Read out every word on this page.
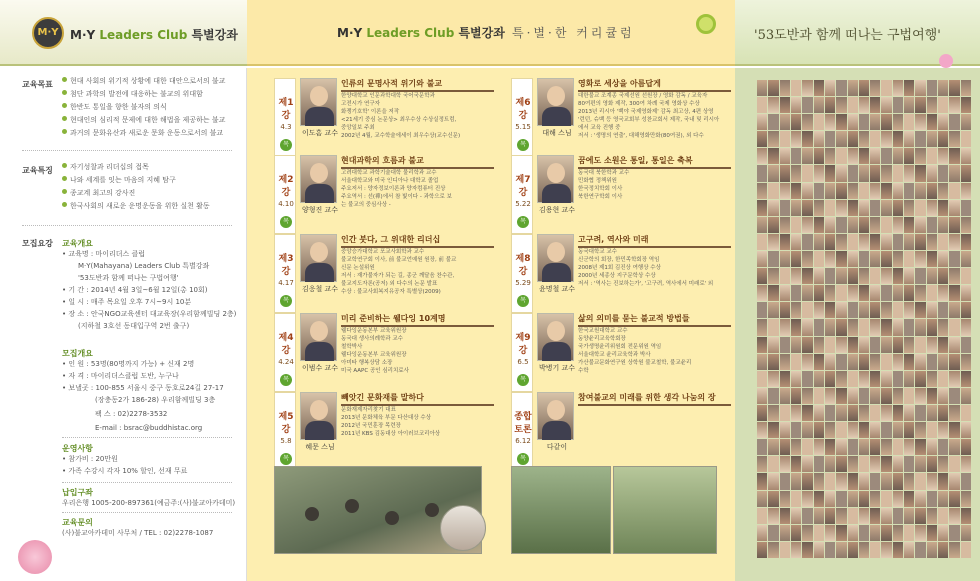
M·Y M·Y Leaders Club 특별강좌	M·Y Leaders Club 특별강좌 특·별·한 커리큘럼	'53도반과 함께 떠나는 구법여행'
교육목표	현대 사회의 위기적 상황에 대한 대안으로서의 불교
첨단 과학의 발전에 대응하는 불교의 위대함
한반도 통일을 향한 불자의 의식
현대인의 심리적 문제에 대한 해법을 제공하는 불교
과거의 문화유산과 새로운 문화 운동으로서의 불교
교육특징	자기성찰과 리더십의 접목
나와 세계를 잇는 마음의 지혜 탐구
종교계 최고의 강사진
한국사회의 새로운 운명운동을 위한 실천 활동
모집요강 교육개요
• 교육명 : 마이리더스 클럽
M·Y(Mahayana) Leaders Club 특별강좌
'53도반과 함께 떠나는 구법여행'
• 기 간 : 2014년 4월 3일~6월 12일(총 10회)
• 일 시 : 매주 목요일 오후 7시~9시 10분
• 장 소 : 안국NGO교육센터 대교육장(우리함께빌딩 2층)
(지하철 3호선 동대입구역 2번 출구)
모집개요
• 인 원 : 53명(80명까지 가능) + 신재 2명
• 자 격 : 마이리더스클럽 도반, 누구나
• 보낼곳 : 100-855 서울시 중구 동호로24길 27-17
(장충동2가 186-28) 우리함께빌딩 3층
팩 스 : 02)2278-3532
E-mail : bsrac@buddhistac.org
운영사항
• 참가비 : 20만원
• 가족 수강시 각자 10% 할인, 선재 무료
납입구좌
우리은행 1005-200-897361(예금주:(사)불교아카데미)
교육문의
(사)불교아카데미 사무처 / TEL : 02)2278-1087
제1강
4.3
목
이도흠 교수
인류의 문명사적 위기와 불교
한양대학교 인문과학대학 국어국문학과
고전시가 연구자
화쟁기호학' 이론을 저작
<21세기 중심 논문상> 최우수상 수상실정트럼,
중앙일보 주최
2002년 4월, 교수학술에세이 최우수상(교수신문)
제2강
4.10
목
양형진 교수
현대과학의 흐름과 불교
고려대학교 과학기술대학 물리학과 교수
서울대학교와 미국 인디아나 대학교 졸업
주요저서 : 양자정보이론과 양자컴퓨터 진상
주요역서 : 선(禪)에서 참 빛이다 - 과학으로 보
는 불교의 중심사상 -
제3강
4.17
목
김응철 교수
인간 붓다, 그 위대한 리더십
중앙승가대학교 포교사회학과 교수
불교학연구회 이사, 前 불교언예원 원장, 前 불교
신문 논설위원
저서 : 재가불자가 되는 길, 종군 깨달음 찬수관,
불교지도자론(공저) 외 다수의 논문 발표
수상 : 불교사회복지유공자 특별상(2009)
제4강
4.24
목
이범수 교수
미리 준비하는 웰다잉 10계명
웰다잉운동본부 교육위원장
동국대 생사의례학과 교수
철학박사
웰다잉운동본부 교육위원장
아미타 행복상담 소장
미국 AAPC 공인 심리치료사
제5강
5.8
목
혜문 스님
빼앗긴 문화재를 말하다
문화재제자리찾기 대표
2013년 문화체육 부문 다산대상 수상
2012년 국민훈장 목련장
2011년 KBS 김동대상 아이러브코리아상
제6강
5.15
목
대해 스님
영화로 세상을 아름답게
대한불교 조계종 국제선원 선원장 / 영화 감독 / 교육자
80여편의 영화 제작, 300여 차례 국제 영화상 수상
2013년 리시아 '백야 국제영화제' 감독 최고상, 4편 상영
'런던, 슈백 등 영국교회부 성찬교회서 제작, 국내 및 리시아
에서 교육 진행 중
저서 : '생명의 연출', 대해영화만화(80여권), 외 다수
제7강
5.22
목
김용현 교수
꿈에도 소원은 통일, 통일은 축복
동국대 북한학과 교수
민화협 정책위원
한국정치학회 이사
북한연구학회 이사
제8강
5.29
목
윤명철 교수
고구려, 역사와 미래
동국대학교 교수
신군학의 회장, 한민족학회장 역임
2008년 제1회 김진상 여행상 수상
2000년 세종상 지구문학상 수상
저서 : '역사는 진보하는가', '고구려, 역사에서 미래로' 외
제9강
6.5
목
박병기 교수
삶의 의미를 묻는 불교적 방법들
한국교원대학교 교수
동양윤리교육학회장
국가생명윤리위원회 전문위원 역임
서울대학교 윤리교육학과 박사
가산불교문화연구원 상학원 불교철학, 불교윤리
수학
종합토론
6.12
목
다같이
참여불교의 미래를 위한 생각 나눔의 장
